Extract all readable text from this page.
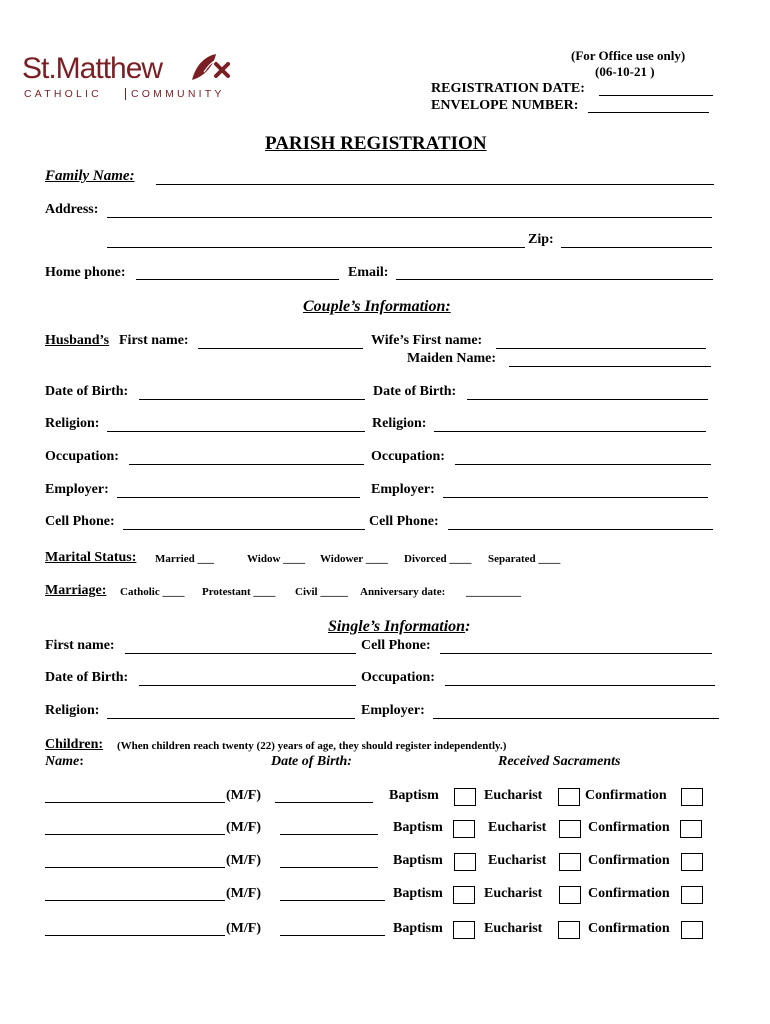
St.Matthew
CATHOLIC	COMMUNITY
(For Office use only)
(06-10-21 )
REGISTRATION DATE:
ENVELOPE NUMBER:
PARISH REGISTRATION
Family Name:
Address:
Zip:
Home phone:	Email:
Couple’s Information:
Husband’s First name:	Wife’s First name:
Maiden Name:
Date of Birth:	Date of Birth:
Religion:	Religion:
Occupation:	Occupation:
Employer:	Employer:
Cell Phone:	Cell Phone:
Marital Status: Married ___	Widow ____ Widower ____ Divorced ____ Separated ____
Marriage: Catholic ____ Protestant ____ Civil _____ Anniversary date: __________
Single’s Information:
First name:	Cell Phone:
Date of Birth:	Occupation:
Religion:	Employer:
Children: (When children reach twenty (22) years of age, they should register independently.)
Name:	Date of Birth:	Received Sacraments
(M/F)	Baptism	Eucharist	Confirmation
(M/F)	Baptism	Eucharist	Confirmation
(M/F)	Baptism	Eucharist	Confirmation
(M/F)	Baptism	Eucharist	Confirmation
(M/F)	Baptism	Eucharist	Confirmation
